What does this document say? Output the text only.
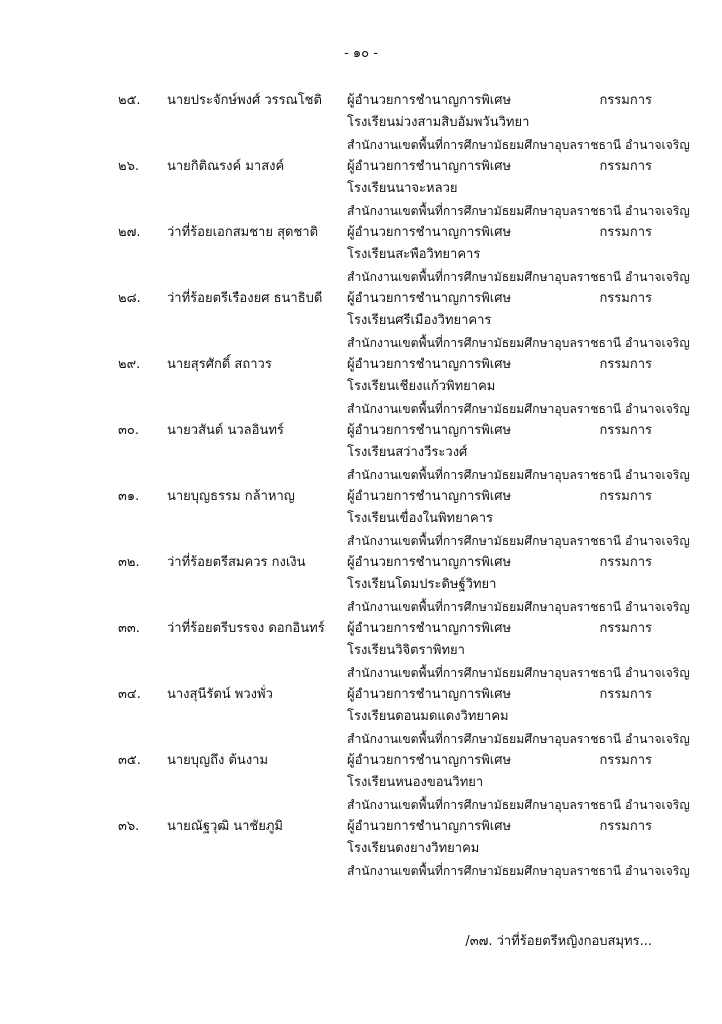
- ๑๐ -
๒๕. นายประจักษ์พงศ์ วรรณโชติ ผู้อำนวยการชำนาญการพิเศษ	กรรมการ
โรงเรียนม่วงสามสิบอัมพวันวิทยา
สำนักงานเขตพื้นที่การศึกษามัธยมศึกษาอุบลราชธานี อำนาจเจริญ
๒๖. นายกิติณรงค์ มาสงค์	ผู้อำนวยการชำนาญการพิเศษ	กรรมการ
โรงเรียนนาจะหลวย
สำนักงานเขตพื้นที่การศึกษามัธยมศึกษาอุบลราชธานี อำนาจเจริญ
๒๗. ว่าที่ร้อยเอกสมชาย สุดชาติ ผู้อำนวยการชำนาญการพิเศษ	กรรมการ
โรงเรียนสะพือวิทยาคาร
สำนักงานเขตพื้นที่การศึกษามัธยมศึกษาอุบลราชธานี อำนาจเจริญ
๒๘. ว่าที่ร้อยตรีเรืองยศ ธนาธิบดี ผู้อำนวยการชำนาญการพิเศษ	กรรมการ
โรงเรียนศรีเมืองวิทยาคาร
สำนักงานเขตพื้นที่การศึกษามัธยมศึกษาอุบลราชธานี อำนาจเจริญ
๒๙. นายสุรศักดิ์ สถาวร	ผู้อำนวยการชำนาญการพิเศษ	กรรมการ
โรงเรียนเชียงแก้วพิทยาคม
สำนักงานเขตพื้นที่การศึกษามัธยมศึกษาอุบลราชธานี อำนาจเจริญ
๓๐. นายวสันต์ นวลอินทร์	ผู้อำนวยการชำนาญการพิเศษ	กรรมการ
โรงเรียนสว่างวีระวงศ์
สำนักงานเขตพื้นที่การศึกษามัธยมศึกษาอุบลราชธานี อำนาจเจริญ
๓๑. นายบุญธรรม กล้าหาญ	ผู้อำนวยการชำนาญการพิเศษ	กรรมการ
โรงเรียนเขื่องในพิทยาคาร
สำนักงานเขตพื้นที่การศึกษามัธยมศึกษาอุบลราชธานี อำนาจเจริญ
๓๒. ว่าที่ร้อยตรีสมควร กงเงิน	ผู้อำนวยการชำนาญการพิเศษ	กรรมการ
โรงเรียนโดมประดิษฐ์วิทยา
สำนักงานเขตพื้นที่การศึกษามัธยมศึกษาอุบลราชธานี อำนาจเจริญ
๓๓. ว่าที่ร้อยตรีบรรจง ดอกอินทร์ ผู้อำนวยการชำนาญการพิเศษ	กรรมการ
โรงเรียนวิจิตราพิทยา
สำนักงานเขตพื้นที่การศึกษามัธยมศึกษาอุบลราชธานี อำนาจเจริญ
๓๔. นางสุนีรัตน์ พวงพั่ว	ผู้อำนวยการชำนาญการพิเศษ	กรรมการ
โรงเรียนดอนมดแดงวิทยาคม
สำนักงานเขตพื้นที่การศึกษามัธยมศึกษาอุบลราชธานี อำนาจเจริญ
๓๕. นายบุญถึง ต้นงาม	ผู้อำนวยการชำนาญการพิเศษ	กรรมการ
โรงเรียนหนองขอนวิทยา
สำนักงานเขตพื้นที่การศึกษามัธยมศึกษาอุบลราชธานี อำนาจเจริญ
๓๖. นายณัฐวุฒิ นาชัยภูมิ	ผู้อำนวยการชำนาญการพิเศษ	กรรมการ
โรงเรียนดงยางวิทยาคม
สำนักงานเขตพื้นที่การศึกษามัธยมศึกษาอุบลราชธานี อำนาจเจริญ
/๓๗. ว่าที่ร้อยตรีหญิงกอบสมุทร...
